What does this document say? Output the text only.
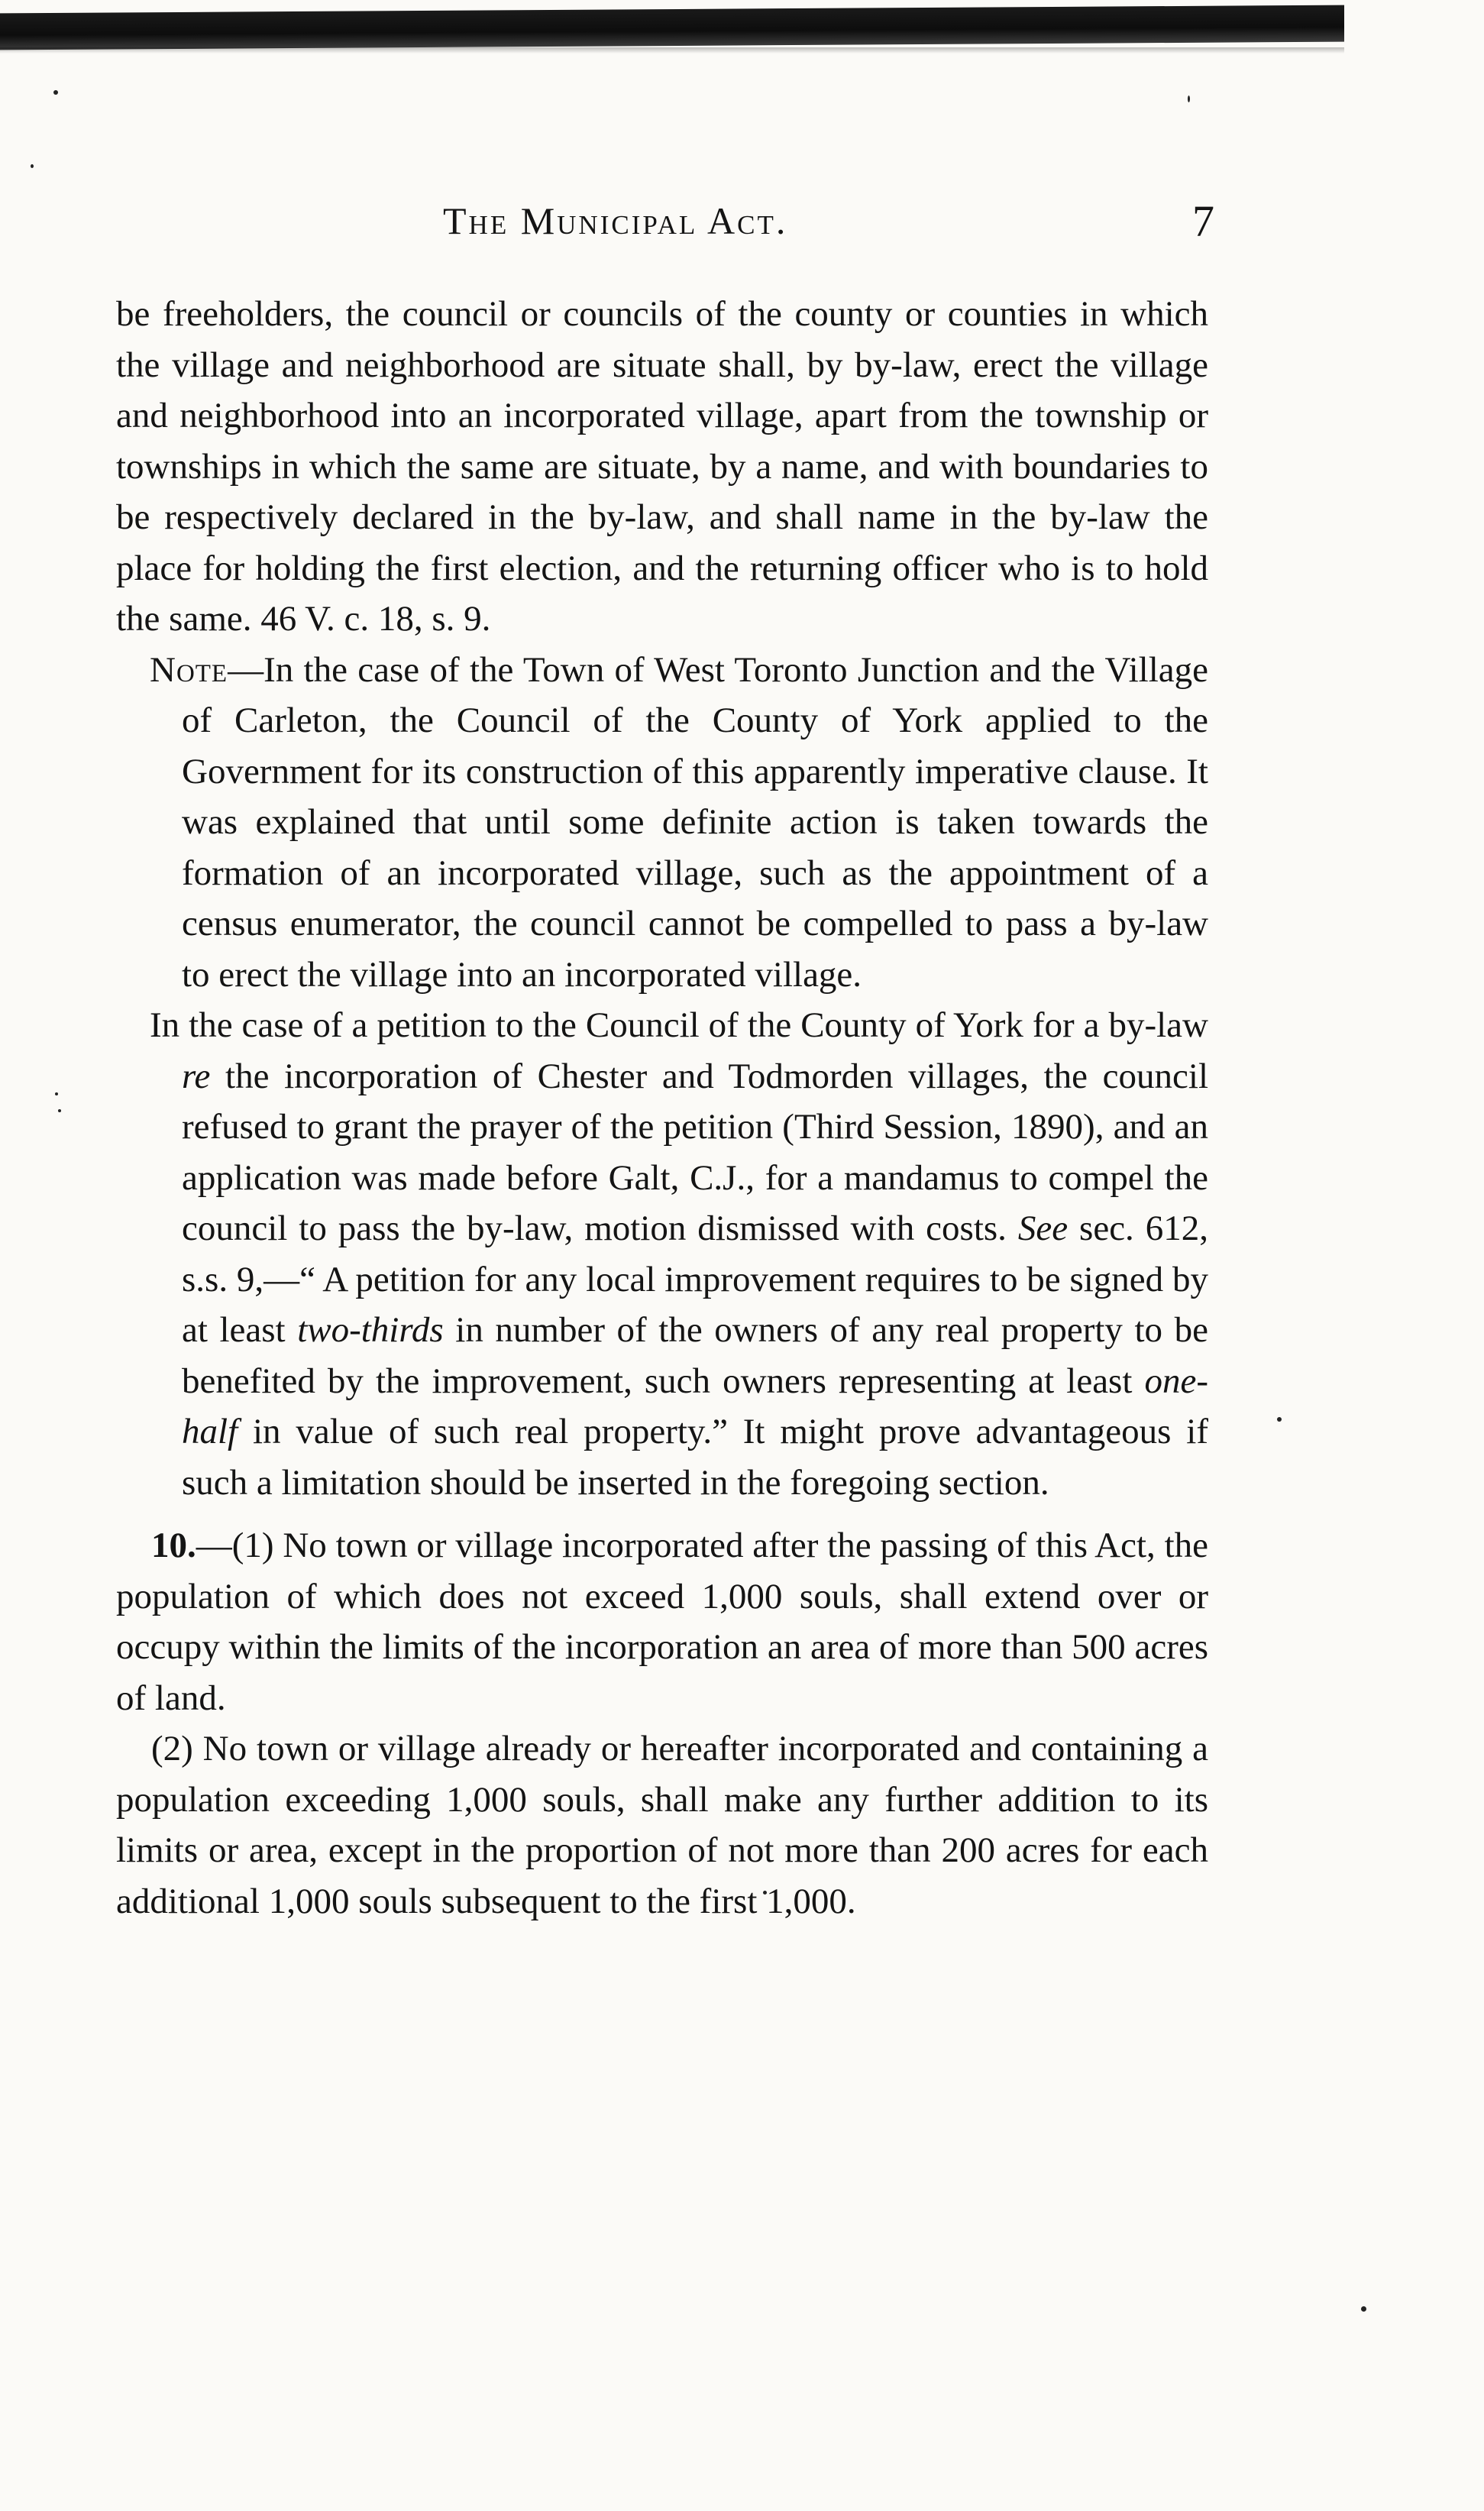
The Municipal Act.	7

be freeholders, the council or councils of the county or counties in which the village and neighborhood are situate shall, by by-law, erect the village and neighborhood into an incorporated village, apart from the township or townships in which the same are situate, by a name, and with boundaries to be respectively declared in the by-law, and shall name in the by-law the place for holding the first election, and the returning officer who is to hold the same. 46 V. c. 18, s. 9.

Note—In the case of the Town of West Toronto Junction and the Village of Carleton, the Council of the County of York applied to the Government for its construction of this apparently imperative clause. It was explained that until some definite action is taken towards the formation of an incorporated village, such as the appointment of a census enumerator, the council cannot be compelled to pass a by-law to erect the village into an incorporated village.

In the case of a petition to the Council of the County of York for a by-law re the incorporation of Chester and Todmorden villages, the council refused to grant the prayer of the petition (Third Session, 1890), and an application was made before Galt, C.J., for a mandamus to compel the council to pass the by-law, motion dismissed with costs. See sec. 612, s.s. 9,—“ A petition for any local improvement requires to be signed by at least two-thirds in number of the owners of any real property to be benefited by the improvement, such owners representing at least one-half in value of such real property.” It might prove advantageous if such a limitation should be inserted in the foregoing section.

10.—(1) No town or village incorporated after the passing of this Act, the population of which does not exceed 1,000 souls, shall extend over or occupy within the limits of the incorporation an area of more than 500 acres of land.

(2) No town or village already or hereafter incorporated and containing a population exceeding 1,000 souls, shall make any further addition to its limits or area, except in the proportion of not more than 200 acres for each additional 1,000 souls subsequent to the first 1,000.
